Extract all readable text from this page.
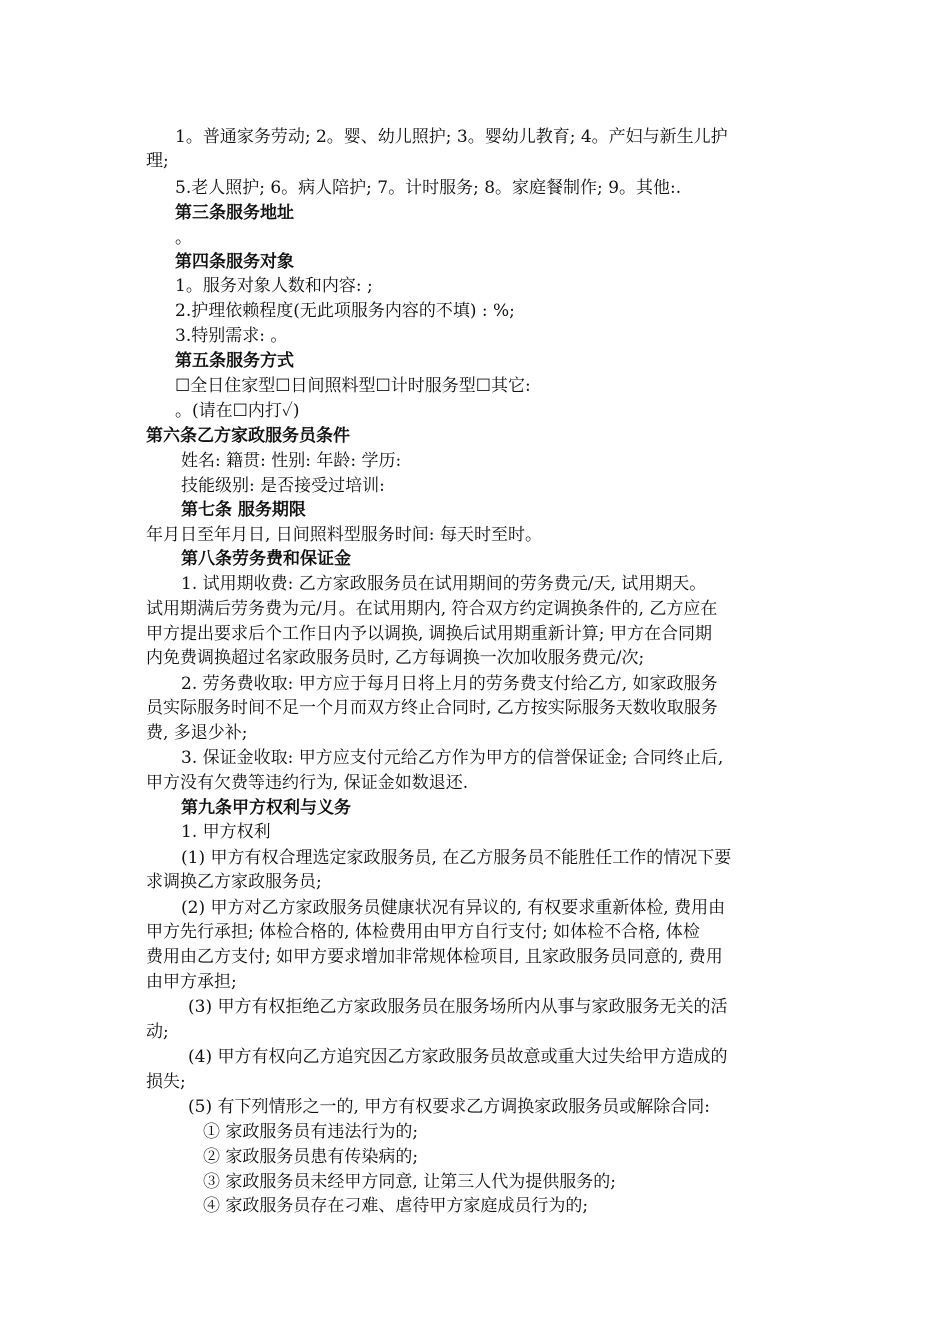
1。普通家务劳动; 2。婴、幼儿照护; 3。婴幼儿教育; 4。产妇与新生儿护
理;
5.老人照护; 6。病人陪护; 7。计时服务; 8。家庭餐制作; 9。其他:.
第三条服务地址
。
第四条服务对象
1。服务对象人数和内容: ;
2.护理依赖程度(无此项服务内容的不填) : %;
3.特别需求: 。
第五条服务方式
☐全日住家型☐日间照料型☐计时服务型☐其它:
。(请在☐内打✓)
第六条乙方家政服务员条件
姓名: 籍贯: 性别: 年龄: 学历:
技能级别: 是否接受过培训:
第七条 服务期限
年月日至年月日, 日间照料型服务时间: 每天时至时。
第八条劳务费和保证金
1. 试用期收费: 乙方家政服务员在试用期间的劳务费元/天, 试用期天。
试用期满后劳务费为元/月。在试用期内, 符合双方约定调换条件的, 乙方应在
甲方提出要求后个工作日内予以调换, 调换后试用期重新计算; 甲方在合同期
内免费调换超过名家政服务员时, 乙方每调换一次加收服务费元/次;
2. 劳务费收取: 甲方应于每月日将上月的劳务费支付给乙方, 如家政服务
员实际服务时间不足一个月而双方终止合同时, 乙方按实际服务天数收取服务
费, 多退少补;
3. 保证金收取: 甲方应支付元给乙方作为甲方的信誉保证金; 合同终止后,
甲方没有欠费等违约行为, 保证金如数退还.
第九条甲方权利与义务
1. 甲方权利
(1) 甲方有权合理选定家政服务员, 在乙方服务员不能胜任工作的情况下要
求调换乙方家政服务员;
(2) 甲方对乙方家政服务员健康状况有异议的, 有权要求重新体检, 费用由
甲方先行承担; 体检合格的, 体检费用由甲方自行支付; 如体检不合格, 体检
费用由乙方支付; 如甲方要求增加非常规体检项目, 且家政服务员同意的, 费用
由甲方承担;
(3) 甲方有权拒绝乙方家政服务员在服务场所内从事与家政服务无关的活
动;
(4) 甲方有权向乙方追究因乙方家政服务员故意或重大过失给甲方造成的
损失;
(5) 有下列情形之一的, 甲方有权要求乙方调换家政服务员或解除合同:
① 家政服务员有违法行为的;
② 家政服务员患有传染病的;
③ 家政服务员未经甲方同意, 让第三人代为提供服务的;
④ 家政服务员存在刁难、虐待甲方家庭成员行为的;
